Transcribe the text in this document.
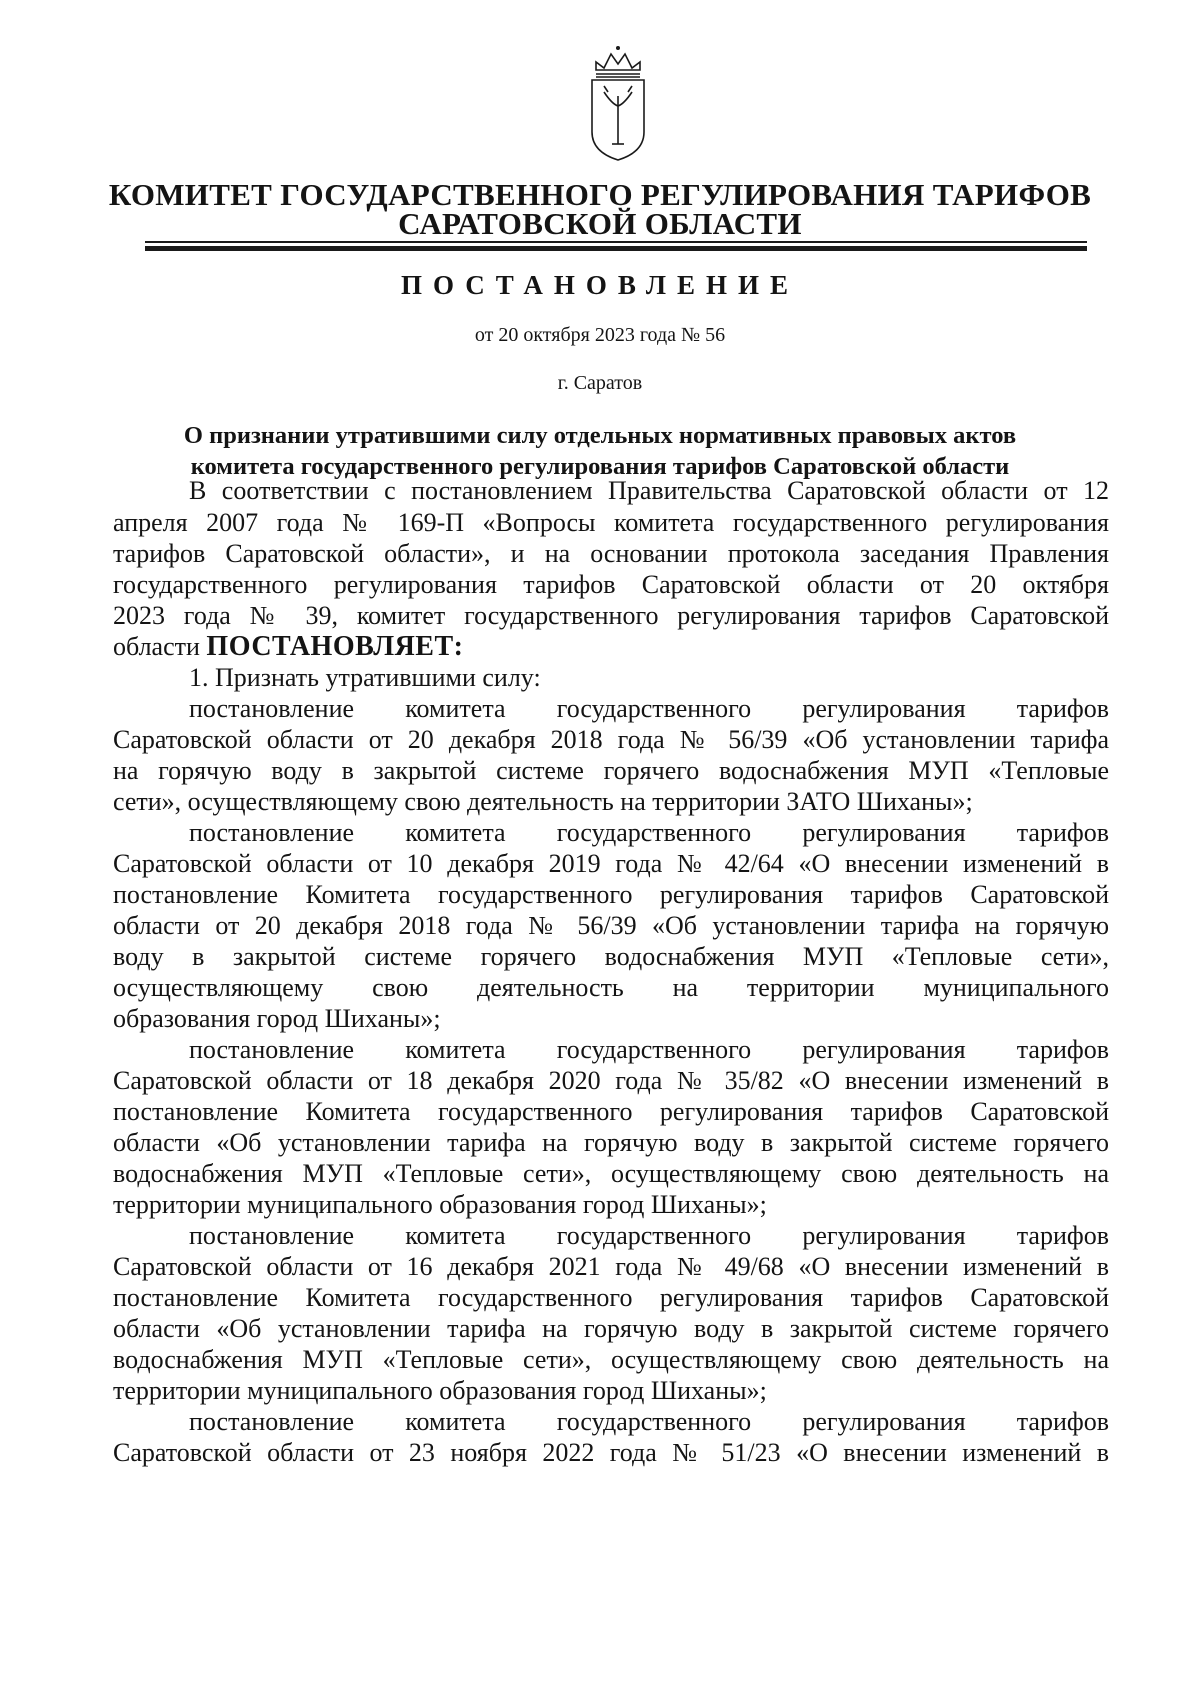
КОМИТЕТ ГОСУДАРСТВЕННОГО РЕГУЛИРОВАНИЯ ТАРИФОВ
САРАТОВСКОЙ ОБЛАСТИ
ПОСТАНОВЛЕНИЕ
от 20 октября 2023 года № 56
г. Саратов
О признании утратившими силу отдельных нормативных правовых актов
комитета государственного регулирования тарифов Саратовской области
В соответствии с постановлением Правительства Саратовской области от 12
апреля 2007 года № 169-П «Вопросы комитета государственного регулирования
тарифов Саратовской области», и на основании протокола заседания Правления
государственного регулирования тарифов Саратовской области от 20 октября
2023 года № 39, комитет государственного регулирования тарифов Саратовской
области ПОСТАНОВЛЯЕТ:
1. Признать утратившими силу:
постановление комитета государственного регулирования тарифов
Саратовской области от 20 декабря 2018 года № 56/39 «Об установлении тарифа
на горячую воду в закрытой системе горячего водоснабжения МУП «Тепловые
сети», осуществляющему свою деятельность на территории ЗАТО Шиханы»;
постановление комитета государственного регулирования тарифов
Саратовской области от 10 декабря 2019 года № 42/64 «О внесении изменений в
постановление Комитета государственного регулирования тарифов Саратовской
области от 20 декабря 2018 года № 56/39 «Об установлении тарифа на горячую
воду в закрытой системе горячего водоснабжения МУП «Тепловые сети»,
осуществляющему свою деятельность на территории муниципального
образования город Шиханы»;
постановление комитета государственного регулирования тарифов
Саратовской области от 18 декабря 2020 года № 35/82 «О внесении изменений в
постановление Комитета государственного регулирования тарифов Саратовской
области «Об установлении тарифа на горячую воду в закрытой системе горячего
водоснабжения МУП «Тепловые сети», осуществляющему свою деятельность на
территории муниципального образования город Шиханы»;
постановление комитета государственного регулирования тарифов
Саратовской области от 16 декабря 2021 года № 49/68 «О внесении изменений в
постановление Комитета государственного регулирования тарифов Саратовской
области «Об установлении тарифа на горячую воду в закрытой системе горячего
водоснабжения МУП «Тепловые сети», осуществляющему свою деятельность на
территории муниципального образования город Шиханы»;
постановление комитета государственного регулирования тарифов
Саратовской области от 23 ноября 2022 года № 51/23 «О внесении изменений в
